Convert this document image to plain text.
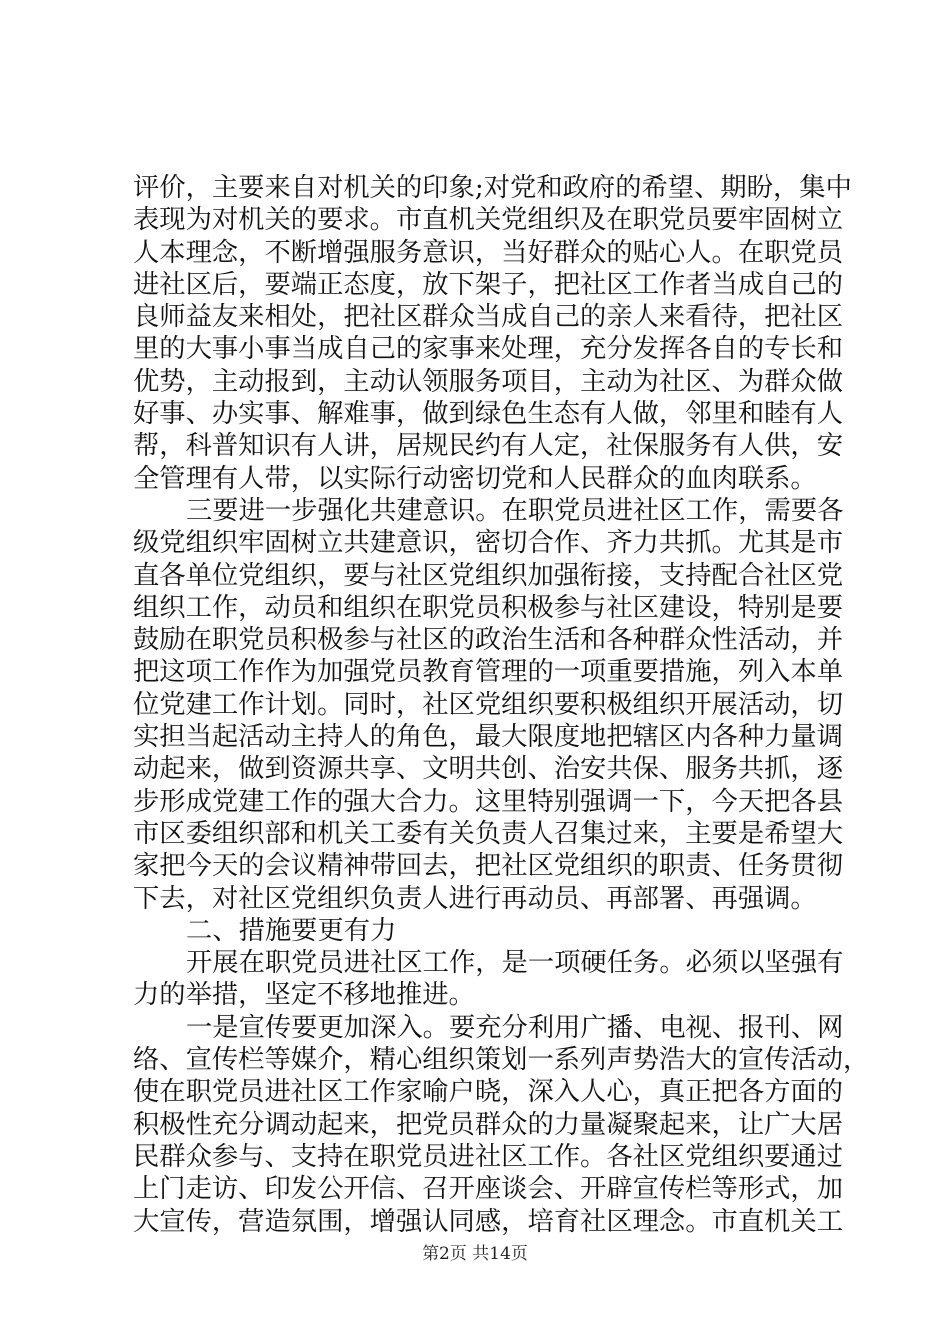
评价，主要来自对机关的印象;对党和政府的希望、期盼，集中
表现为对机关的要求。市直机关党组织及在职党员要牢固树立
人本理念，不断增强服务意识，当好群众的贴心人。在职党员
进社区后，要端正态度，放下架子，把社区工作者当成自己的
良师益友来相处，把社区群众当成自己的亲人来看待，把社区
里的大事小事当成自己的家事来处理，充分发挥各自的专长和
优势，主动报到，主动认领服务项目，主动为社区、为群众做
好事、办实事、解难事，做到绿色生态有人做，邻里和睦有人
帮，科普知识有人讲，居规民约有人定，社保服务有人供，安
全管理有人带，以实际行动密切党和人民群众的血肉联系。
三要进一步强化共建意识。在职党员进社区工作，需要各
级党组织牢固树立共建意识，密切合作、齐力共抓。尤其是市
直各单位党组织，要与社区党组织加强衔接，支持配合社区党
组织工作，动员和组织在职党员积极参与社区建设，特别是要
鼓励在职党员积极参与社区的政治生活和各种群众性活动，并
把这项工作作为加强党员教育管理的一项重要措施，列入本单
位党建工作计划。同时，社区党组织要积极组织开展活动，切
实担当起活动主持人的角色，最大限度地把辖区内各种力量调
动起来，做到资源共享、文明共创、治安共保、服务共抓，逐
步形成党建工作的强大合力。这里特别强调一下，今天把各县
市区委组织部和机关工委有关负责人召集过来，主要是希望大
家把今天的会议精神带回去，把社区党组织的职责、任务贯彻
下去，对社区党组织负责人进行再动员、再部署、再强调。
二、措施要更有力
开展在职党员进社区工作，是一项硬任务。必须以坚强有
力的举措，坚定不移地推进。
一是宣传要更加深入。要充分利用广播、电视、报刊、网
络、宣传栏等媒介，精心组织策划一系列声势浩大的宣传活动，
使在职党员进社区工作家喻户晓，深入人心，真正把各方面的
积极性充分调动起来，把党员群众的力量凝聚起来，让广大居
民群众参与、支持在职党员进社区工作。各社区党组织要通过
上门走访、印发公开信、召开座谈会、开辟宣传栏等形式，加
大宣传，营造氛围，增强认同感，培育社区理念。市直机关工
第2页 共14页
